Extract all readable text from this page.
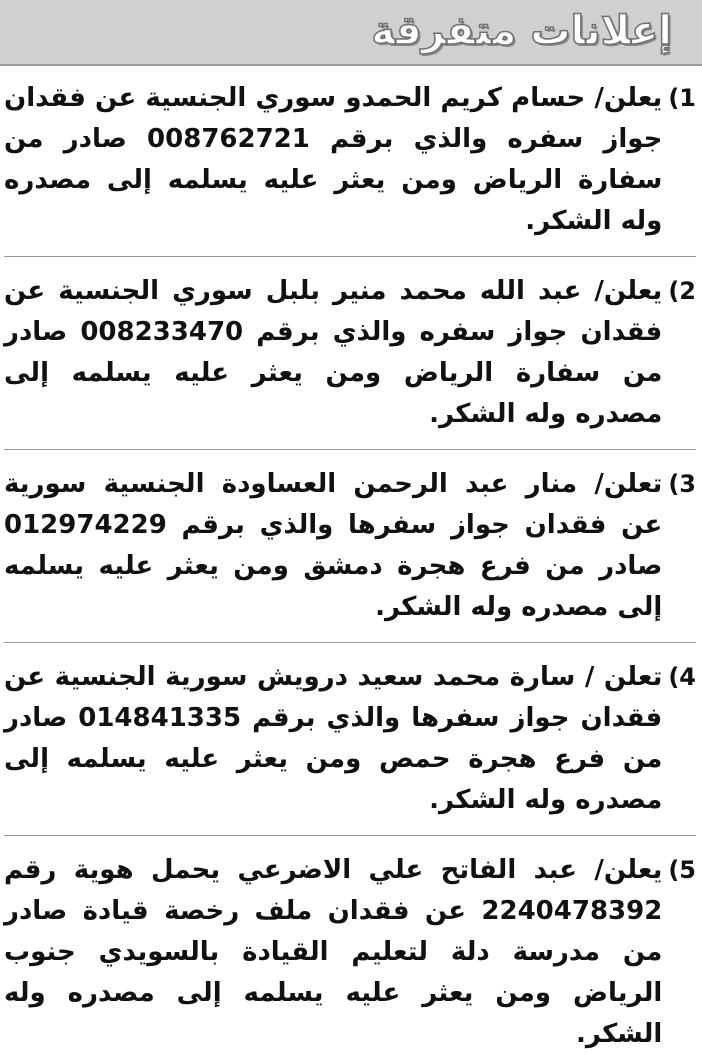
إعلانات متفرقة
1)

يعلن/ حسام كريم الحمدو سوري الجنسية عن فقدان جواز سفره والذي برقم 008762721 صادر من سفارة الرياض ومن يعثر عليه يسلمه إلى مصدره وله الشكر.

2)

يعلن/ عبد الله محمد منير بلبل سوري الجنسية عن فقدان جواز سفره والذي برقم 008233470 صادر من سفارة الرياض ومن يعثر عليه يسلمه إلى مصدره وله الشكر.

3)

تعلن/ منار عبد الرحمن العساودة الجنسية سورية عن فقدان جواز سفرها والذي برقم 012974229 صادر من فرع هجرة دمشق ومن يعثر عليه يسلمه إلى مصدره وله الشكر.

4)

تعلن / سارة محمد سعيد درويش سورية الجنسية عن فقدان جواز سفرها والذي برقم 014841335 صادر من فرع هجرة حمص ومن يعثر عليه يسلمه إلى مصدره وله الشكر.

5)

يعلن/ عبد الفاتح علي الاضرعي يحمل هوية رقم 2240478392 عن فقدان ملف رخصة قيادة صادر من مدرسة دلة لتعليم القيادة بالسويدي جنوب الرياض ومن يعثر عليه يسلمه إلى مصدره وله الشكر.
